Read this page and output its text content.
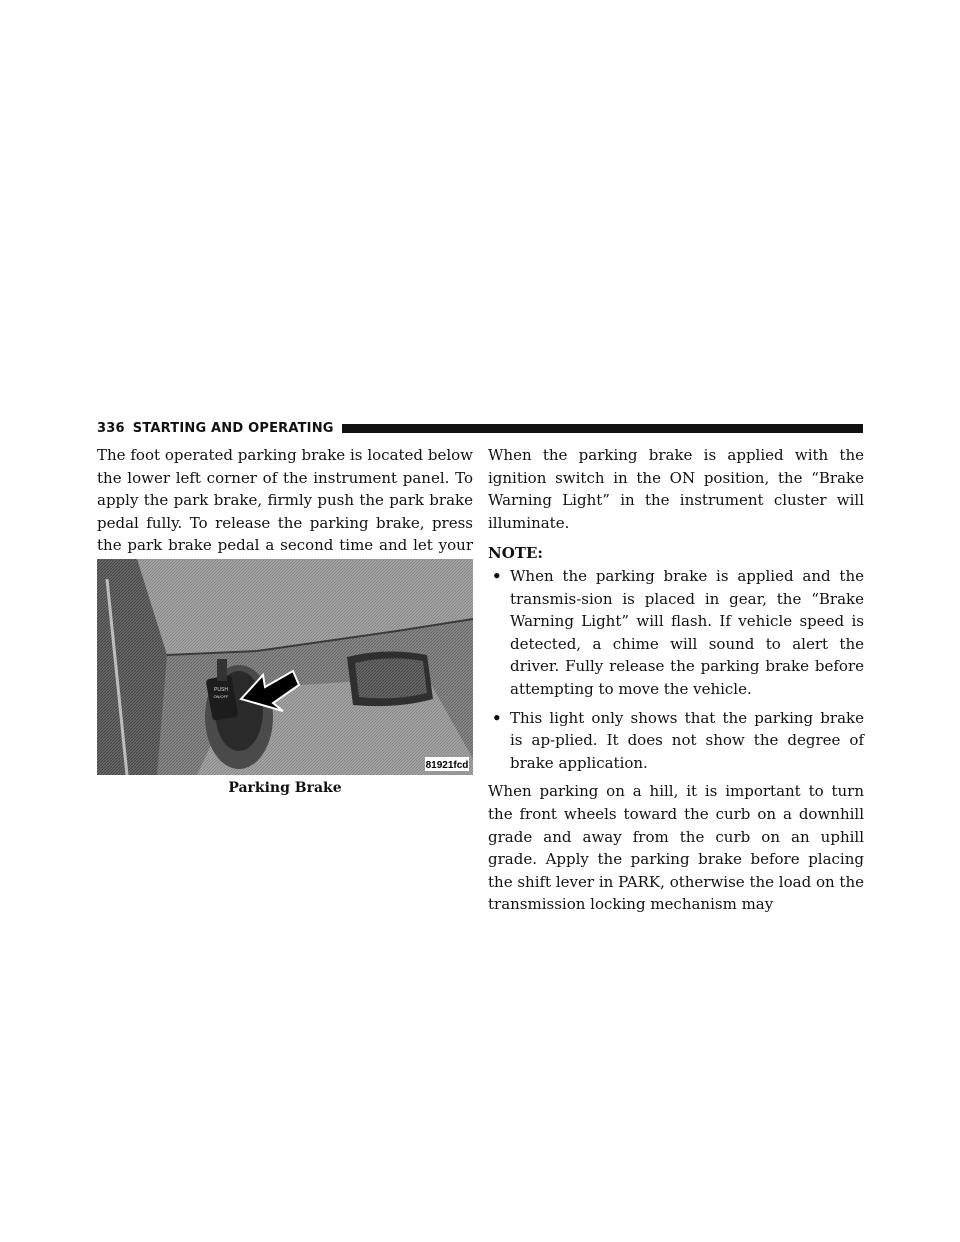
336 STARTING AND OPERATING

The foot operated parking brake is located below the lower left corner of the instrument panel. To apply the park brake, firmly push the park brake pedal fully. To release the parking brake, press the park brake pedal a second time and let your

81921fcd
PUSH
ON/OFF
Parking Brake

When the parking brake is applied with the ignition switch in the ON position, the “Brake Warning Light” in the instrument cluster will illuminate.

NOTE:
• When the parking brake is applied and the transmis-sion is placed in gear, the “Brake Warning Light” will flash. If vehicle speed is detected, a chime will sound to alert the driver. Fully release the parking brake before attempting to move the vehicle.
• This light only shows that the parking brake is ap-plied. It does not show the degree of brake application.

When parking on a hill, it is important to turn the front wheels toward the curb on a downhill grade and away from the curb on an uphill grade. Apply the parking brake before placing the shift lever in PARK, otherwise the load on the transmission locking mechanism may
